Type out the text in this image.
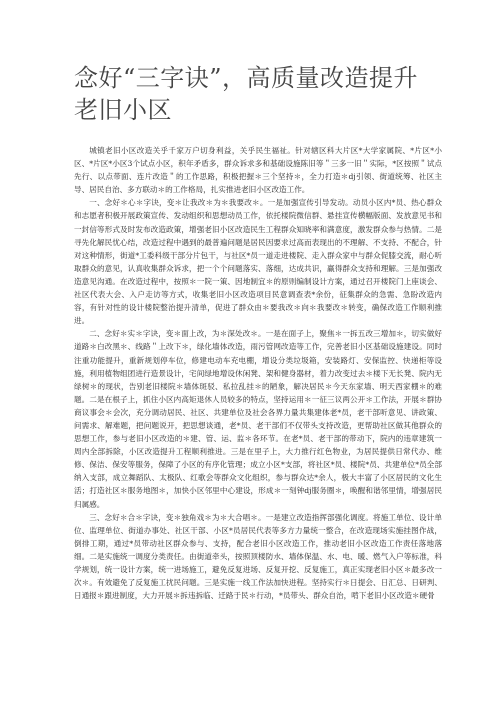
念好“三字诀”，高质量改造提升老旧小区

城镇老旧小区改造关乎千家万户切身利益，关乎民生福祉。针对辖区科大片区*大学家属院、*片区*小区、*片区*小区3个试点小区，积年矛盾多，群众诉求多和基础设施陈旧等＂三多一旧＂实际，*区按照＂试点先行、以点带面、连片改造＂的工作思路，积极把握＊三个坚持＊，全力打造＊dj引领、街道统筹、社区主导、居民自治、多方联动＊的工作格局，扎实推进老旧小区改造工作。

一、念好＊心＊字诀，变＊让我改＊为＊我要改＊。一是加强宣传引导发动。动员小区内*员、热心群众和志愿者积极开展政策宣传、发动组织和思想动员工作，依托楼院微信群、悬挂宣传横幅版面、发放意见书和一封信等形式及时发布改造政策，增强老旧小区改造民生工程群众知晓率和满意度，激发群众参与热情。二是寻先化解民忧心结，改造过程中遇到的最普遍问题是居民因要求过高而表现出的不理解、不支持、不配合，针对这种情形，街道*工委科级干部分片包干，与社区*员一道走进楼院、走入群众家中与群众促膝交流，耐心听取群众的意见，认真收集群众诉求，把一个个问题落实、落细，达成共识，赢得群众支持和理解。三是加强改造意见沟通。在改造过程中，按照＊一院一策、因地制宜＊的原则编制设计方案，通过召开楼院门上座谈会、社区代表大会、入户走访等方式，收集老旧小区改造项目民意调查表*余份，征集群众的急需、急盼改造内容，有针对性的设计楼院整治提升清单，促进了群众由＊要我改＊向＊我要改＊转变，确保改造工作顺利推进。

二、念好＊实＊字诀，变＊面上改，为＊深处改＊。一是在面子上，聚焦＊一拆五改三增加＊，切实做好道路＊白改黑＊、线路＂上改下＊，绿化墙体改造，雨污管网改造等工作，完善老旧小区基础设施建设。同时注重功能提升，重新规划停车位，修建电动车充电棚，增设分类垃圾箱，安装路灯、安保监控、快递柜等设施，利用植物组团进行造景设计，宅间绿地增设休闲凳、架和健身器材，着力改变过去＊楼下无长凳、院内无绿树＊的现状，告别老旧楼院＊墙体斑驳、私拉乱挂＊的陋象，解决居民＊今天东家墙、明天西家棚＊的难题。二是在根子上，抓住小区内高矩退休人员较多的特点，坚持运用＊一征三议两公开＊工作法，开展＊群协商议事会＊会次，充分调动居民、社区、共建单位及社会各界力量共集建体老*员，老干部听意见、讲政策、问需求、解难题，把问题说开，把思想谈通，老*员、老干部们不仅带头支持改造，更帮助社区做其他群众的思想工作，参与老旧小区改造的＊建、管、运、监＊各环节。在老*员、老干部的带动下，院内的违章建筑一周内全部拆除，小区改造提升工程顺利推进。三是在里子上，大力推行红色物业，为居民提供日常代办、维修、保洁、保安等服务，保障了小区的有序化管理；成立小区*支部，将社区*员、楼院*员、共建单位*员全部纳入支部，成立舞蹈队、太极队、红歌会等群众文化组织，参与群众达*余人，极大丰富了小区居民的文化生活；打造社区＊服务地图＊，加快小区邻里中心建设，形成＊一刻钟dj服务圈＊，唤醒和谐邻里情，增强居民归属感。

三、念好＊合＊字诀，变＊独角戏＊为＊大合唱＊。一是建立改造指挥部强化调度。将施工单位、设计单位、监理单位、街道办事处、社区干部、小区*员居民代表等多方力量统一整合，在改造现场实施挂图作战，倒排工期，通过*员带动社区群众参与、支持，配合老旧小区改造工作，推动老旧小区改造工作责任落地落细。二是实施统一调度分类责任。由街道牵头，按照顶楼防水、墙体保温、水、电、暖、燃气入户等标准，科学规划，统一设计方案，统一进场施工，避免反复进场、反复开挖、反复施工，真正实现老旧小区＊最多改一次＊。有效避免了反复施工扰民问题。三是实施一线工作法加快进程。坚持实行＊日提会、日汇总、日研判、日通报＊跟进制度，大力开展＊拆违拆临、迁路于民＊行动，*员带头、群众自治，啃下老旧小区改造＊硬骨
